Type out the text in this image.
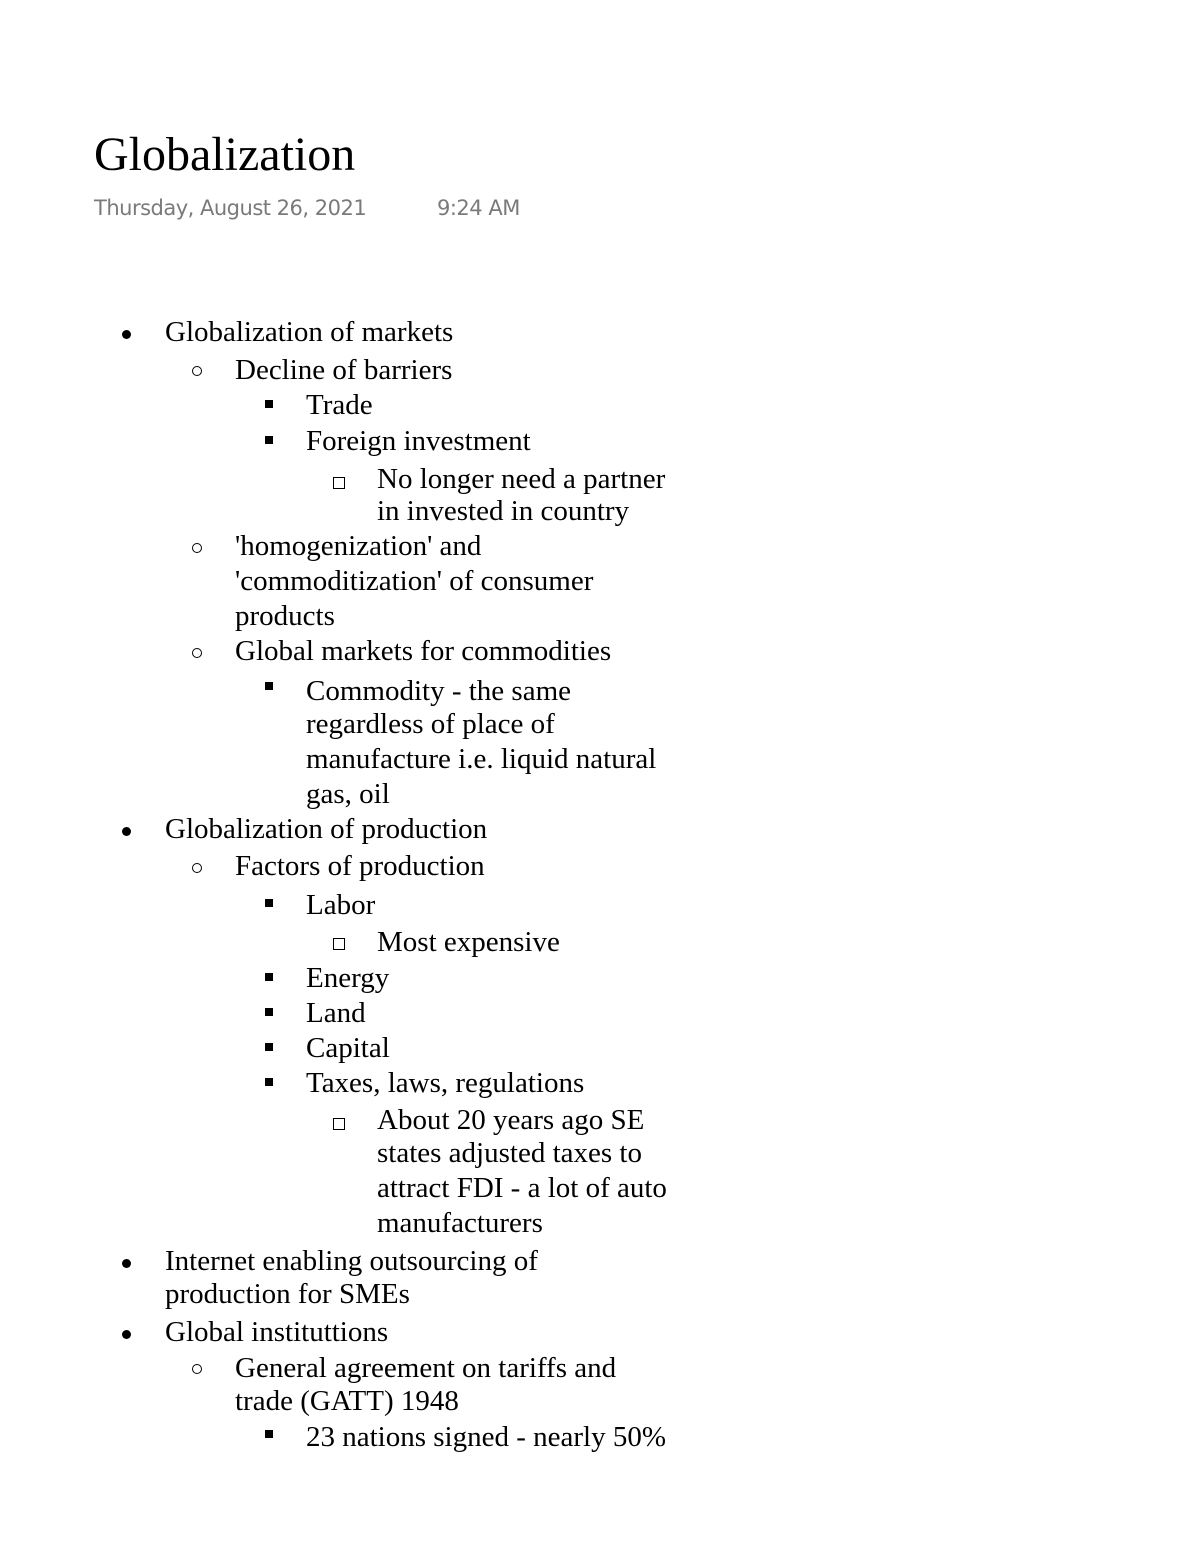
Globalization
Thursday, August 26, 2021	9:24 AM
Globalization of markets
Decline of barriers
Trade
Foreign investment
No longer need a partner
in invested in country
'homogenization' and
'commoditization' of consumer
products
Global markets for commodities
Commodity - the same
regardless of place of
manufacture i.e. liquid natural
gas, oil
Globalization of production
Factors of production
Labor
Most expensive
Energy
Land
Capital
Taxes, laws, regulations
About 20 years ago SE
states adjusted taxes to
attract FDI - a lot of auto
manufacturers
Internet enabling outsourcing of
production for SMEs
Global instituttions
General agreement on tariffs and
trade (GATT) 1948
23 nations signed - nearly 50%
